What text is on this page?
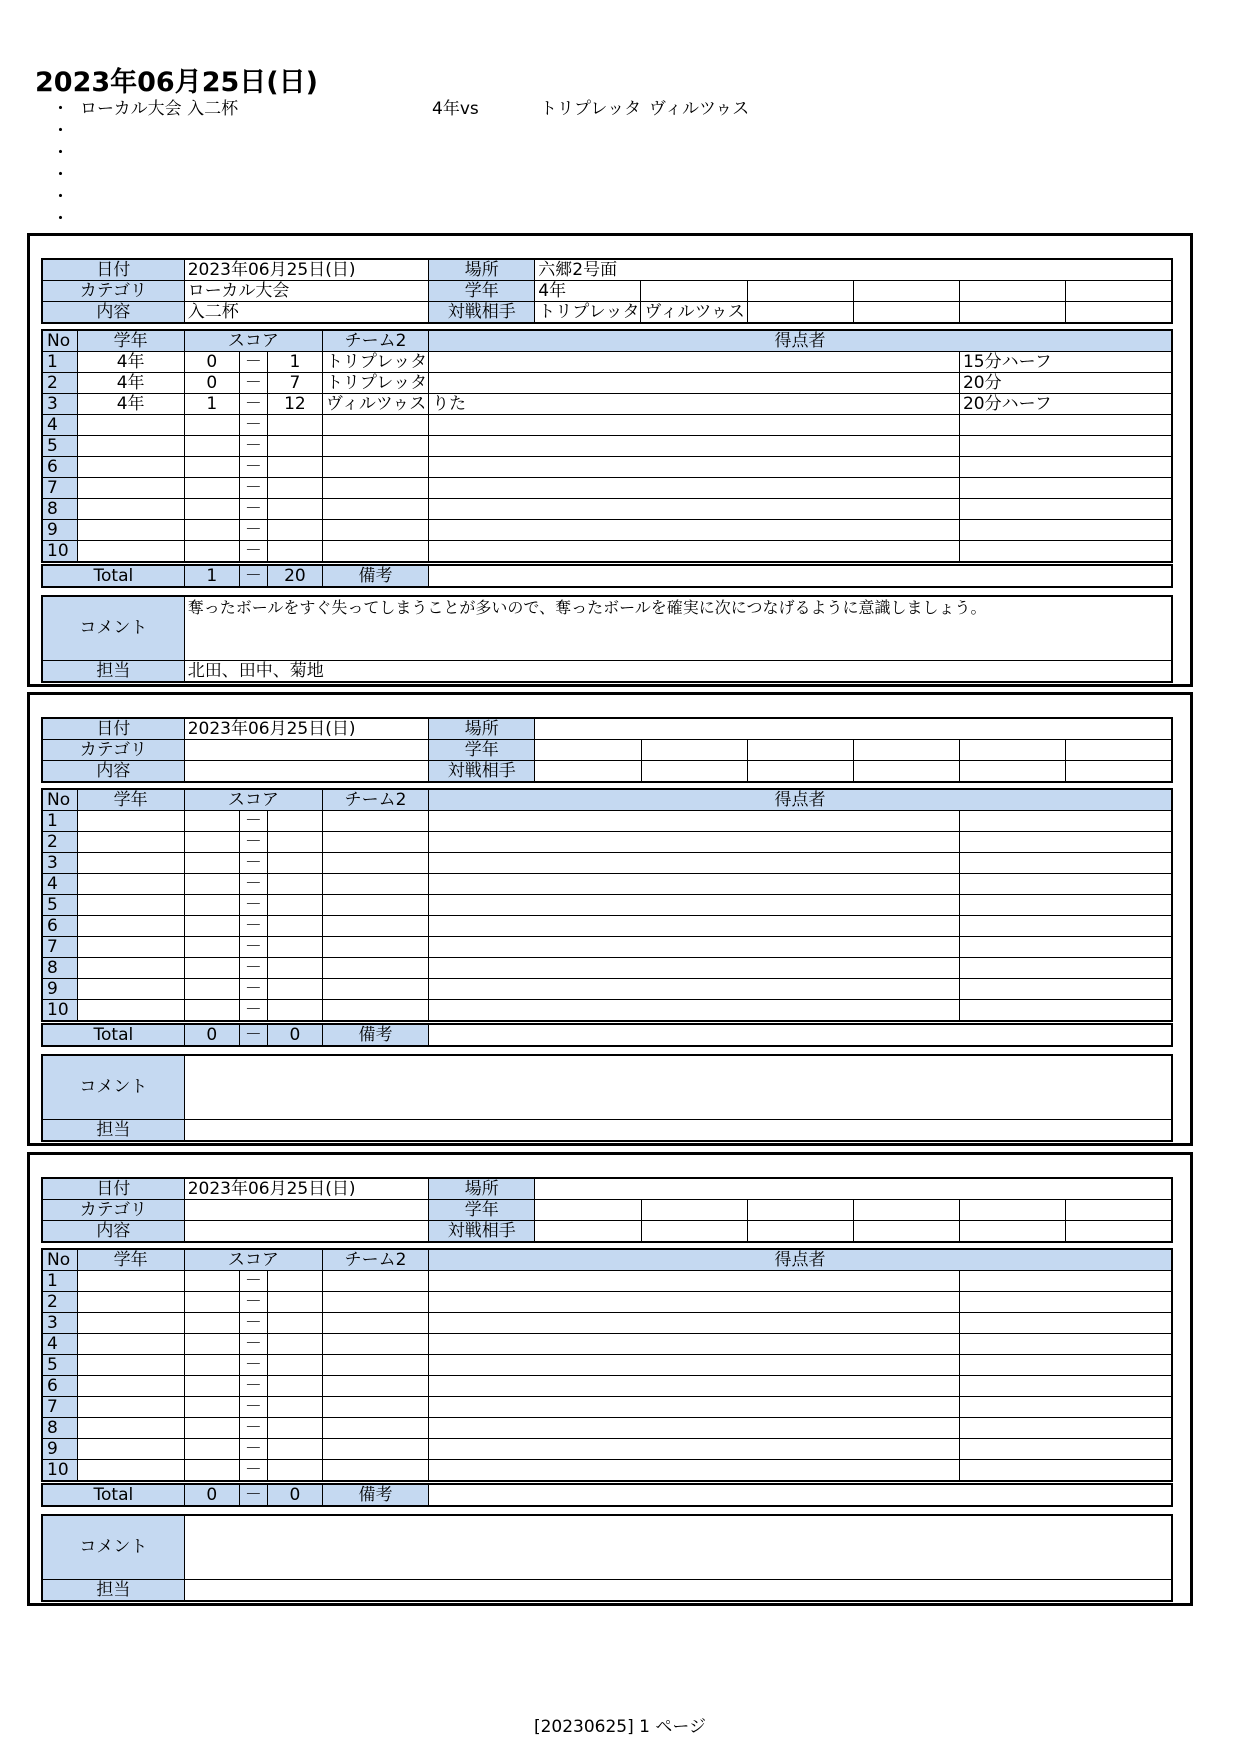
2023年06月25日(日)
・ ローカル大会 入二杯	4年vs	トリプレッタ ヴィルツゥス
・
・
・
・
・
日付	2023年06月25日(日)	場所	六郷2号面					
カテゴリ	ローカル大会	学年	4年					
内容	入二杯	対戦相手	トリプレッタ	ヴィルツゥス				
No	学年	スコア			チーム2	得点者	
1	4年	0	－	1	トリプレッタ		15分ハーフ
2	4年	0	－	7	トリプレッタ		20分
3	4年	1	－	12	ヴィルツゥス	りた	20分ハーフ
4			－				
5			－				
6			－				
7			－				
8			－				
9			－				
10			－				
Total	1	－	20	備考	
コメント	奪ったボールをすぐ失ってしまうことが多いので、奪ったボールを確実に次につなげるように意識しましょう。
担当	北田、田中、菊地
日付	2023年06月25日(日)	場所						
カテゴリ		学年						
内容		対戦相手						
No	学年	スコア			チーム2	得点者	
1			－				
2			－				
3			－				
4			－				
5			－				
6			－				
7			－				
8			－				
9			－				
10			－				
Total	0	－	0	備考	
コメント	
担当	
日付	2023年06月25日(日)	場所						
カテゴリ		学年						
内容		対戦相手						
No	学年	スコア			チーム2	得点者	
1			－				
2			－				
3			－				
4			－				
5			－				
6			－				
7			－				
8			－				
9			－				
10			－				
Total	0	－	0	備考	
コメント	
担当	
[20230625] 1 ページ
